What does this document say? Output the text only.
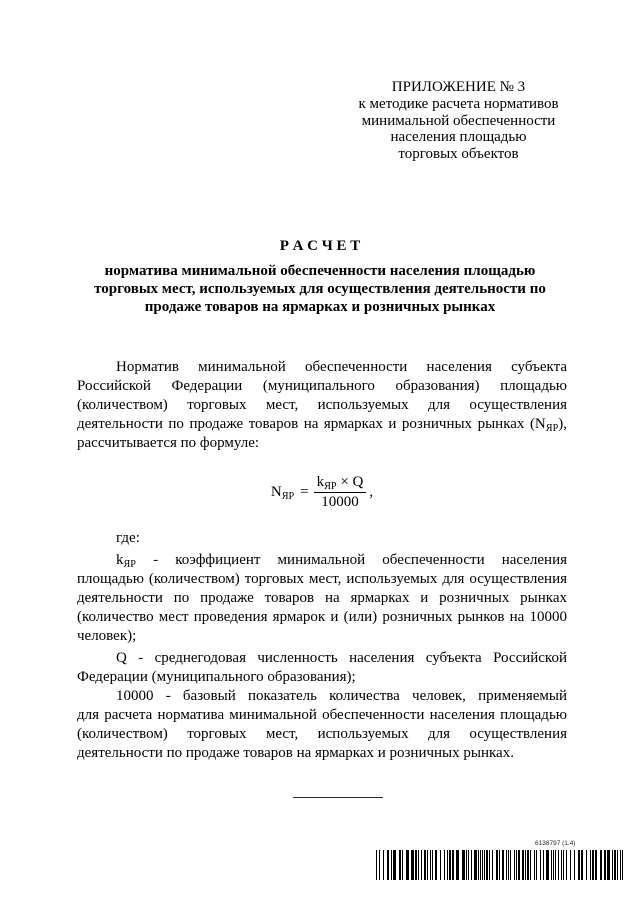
ПРИЛОЖЕНИЕ № 3
к методике расчета нормативов
минимальной обеспеченности
населения площадью
торговых объектов
Р А С Ч Е Т
норматива минимальной обеспеченности населения площадью
торговых мест, используемых для осуществления деятельности по
продаже товаров на ярмарках и розничных рынках
Норматив минимальной обеспеченности населения субъекта
Российской Федерации (муниципального образования) площадью
(количеством) торговых мест, используемых для осуществления
деятельности по продаже товаров на ярмарках и розничных рынках $(N_{ЯР})$,
рассчитывается по формуле:
$N_{ЯР} = \frac{k_{ЯР} \times Q}{10000}$ ,
где:
$k_{ЯР}$ - коэффициент минимальной обеспеченности населения
площадью (количеством) торговых мест, используемых для осуществления
деятельности по продаже товаров на ярмарках и розничных рынках
(количество мест проведения ярмарок и (или) розничных рынков на 10000
человек);
Q - среднегодовая численность населения субъекта Российской
Федерации (муниципального образования);
10000 - базовый показатель количества человек, применяемый
для расчета норматива минимальной обеспеченности населения площадью
(количеством) торговых мест, используемых для осуществления
деятельности по продаже товаров на ярмарках и розничных рынках.
6138797 (1.4)
